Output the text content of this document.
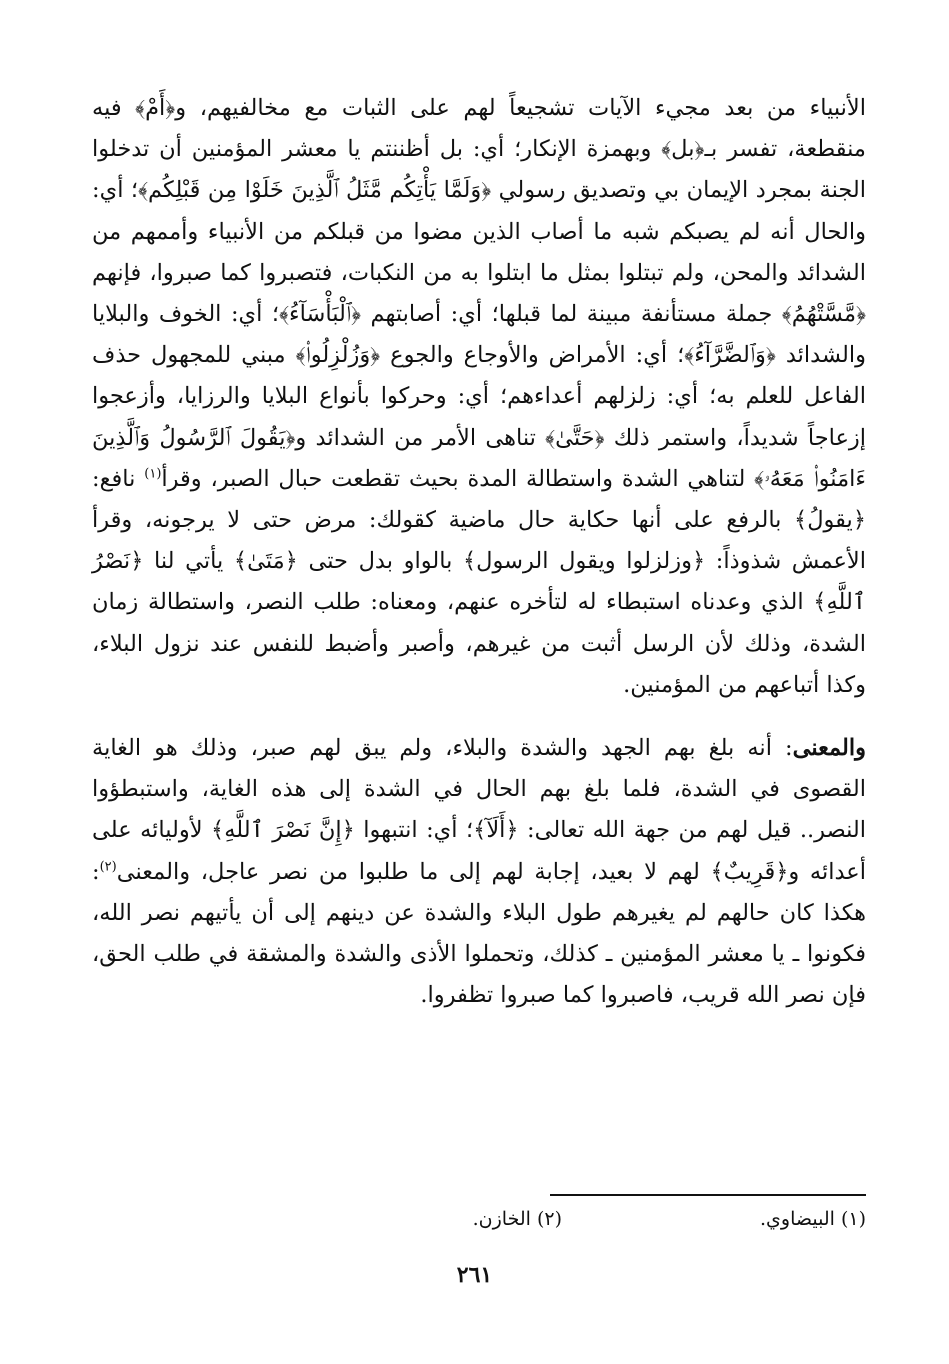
الأنبياء من بعد مجيء الآيات تشجيعاً لهم على الثبات مع مخالفيهم، و﴿أَمْ﴾ فيه منقطعة، تفسر بـ﴿بل﴾ وبهمزة الإنكار؛ أي: بل أظننتم يا معشر المؤمنين أن تدخلوا الجنة بمجرد الإيمان بي وتصديق رسولي ﴿وَلَمَّا يَأْتِكُم مَّثَلُ ٱلَّذِينَ خَلَوْا مِن قَبْلِكُم﴾؛ أي: والحال أنه لم يصبكم شبه ما أصاب الذين مضوا من قبلكم من الأنبياء وأممهم من الشدائد والمحن، ولم تبتلوا بمثل ما ابتلوا به من النكبات، فتصبروا كما صبروا، فإنهم ﴿مَّسَّتْهُمُ﴾ جملة مستأنفة مبينة لما قبلها؛ أي: أصابتهم ﴿ٱلْبَأْسَآءُ﴾؛ أي: الخوف والبلايا والشدائد ﴿وَٱلضَّرَّآءُ﴾؛ أي: الأمراض والأوجاع والجوع ﴿وَزُلْزِلُوا۟﴾ مبني للمجهول حذف الفاعل للعلم به؛ أي: زلزلهم أعداءهم؛ أي: وحركوا بأنواع البلايا والرزايا، وأزعجوا إزعاجاً شديداً، واستمر ذلك ﴿حَتَّىٰ﴾ تناهى الأمر من الشدائد و﴿يَقُولَ ٱلرَّسُولُ وَٱلَّذِينَ ءَامَنُوا۟ مَعَهُۥ﴾ لتناهي الشدة واستطالة المدة بحيث تقطعت حبال الصبر، وقرأ$^{(١)}$ نافع: ﴿يقولُ﴾ بالرفع على أنها حكاية حال ماضية كقولك: مرض حتى لا يرجونه، وقرأ الأعمش شذوذاً: ﴿وزلزلوا ويقول الرسول﴾ بالواو بدل حتى ﴿مَتَىٰ﴾ يأتي لنا ﴿نَصْرُ ٱللَّهِ﴾ الذي وعدناه استبطاء له لتأخره عنهم، ومعناه: طلب النصر، واستطالة زمان الشدة، وذلك لأن الرسل أثبت من غيرهم، وأصبر وأضبط للنفس عند نزول البلاء، وكذا أتباعهم من المؤمنين.

والمعنى: أنه بلغ بهم الجهد والشدة والبلاء، ولم يبق لهم صبر، وذلك هو الغاية القصوى في الشدة، فلما بلغ بهم الحال في الشدة إلى هذه الغاية، واستبطؤوا النصر.. قيل لهم من جهة الله تعالى: ﴿أَلَآ﴾؛ أي: انتبهوا ﴿إِنَّ نَصْرَ ٱللَّهِ﴾ لأوليائه على أعدائه و﴿قَرِيبٌ﴾ لهم لا بعيد، إجابة لهم إلى ما طلبوا من نصر عاجل، والمعنى$^{(٢)}$: هكذا كان حالهم لم يغيرهم طول البلاء والشدة عن دينهم إلى أن يأتيهم نصر الله، فكونوا ـ يا معشر المؤمنين ـ كذلك، وتحملوا الأذى والشدة والمشقة في طلب الحق، فإن نصر الله قريب، فاصبروا كما صبروا تظفروا.

(١) البيضاوي.
(٢) الخازن.
٢٦١
